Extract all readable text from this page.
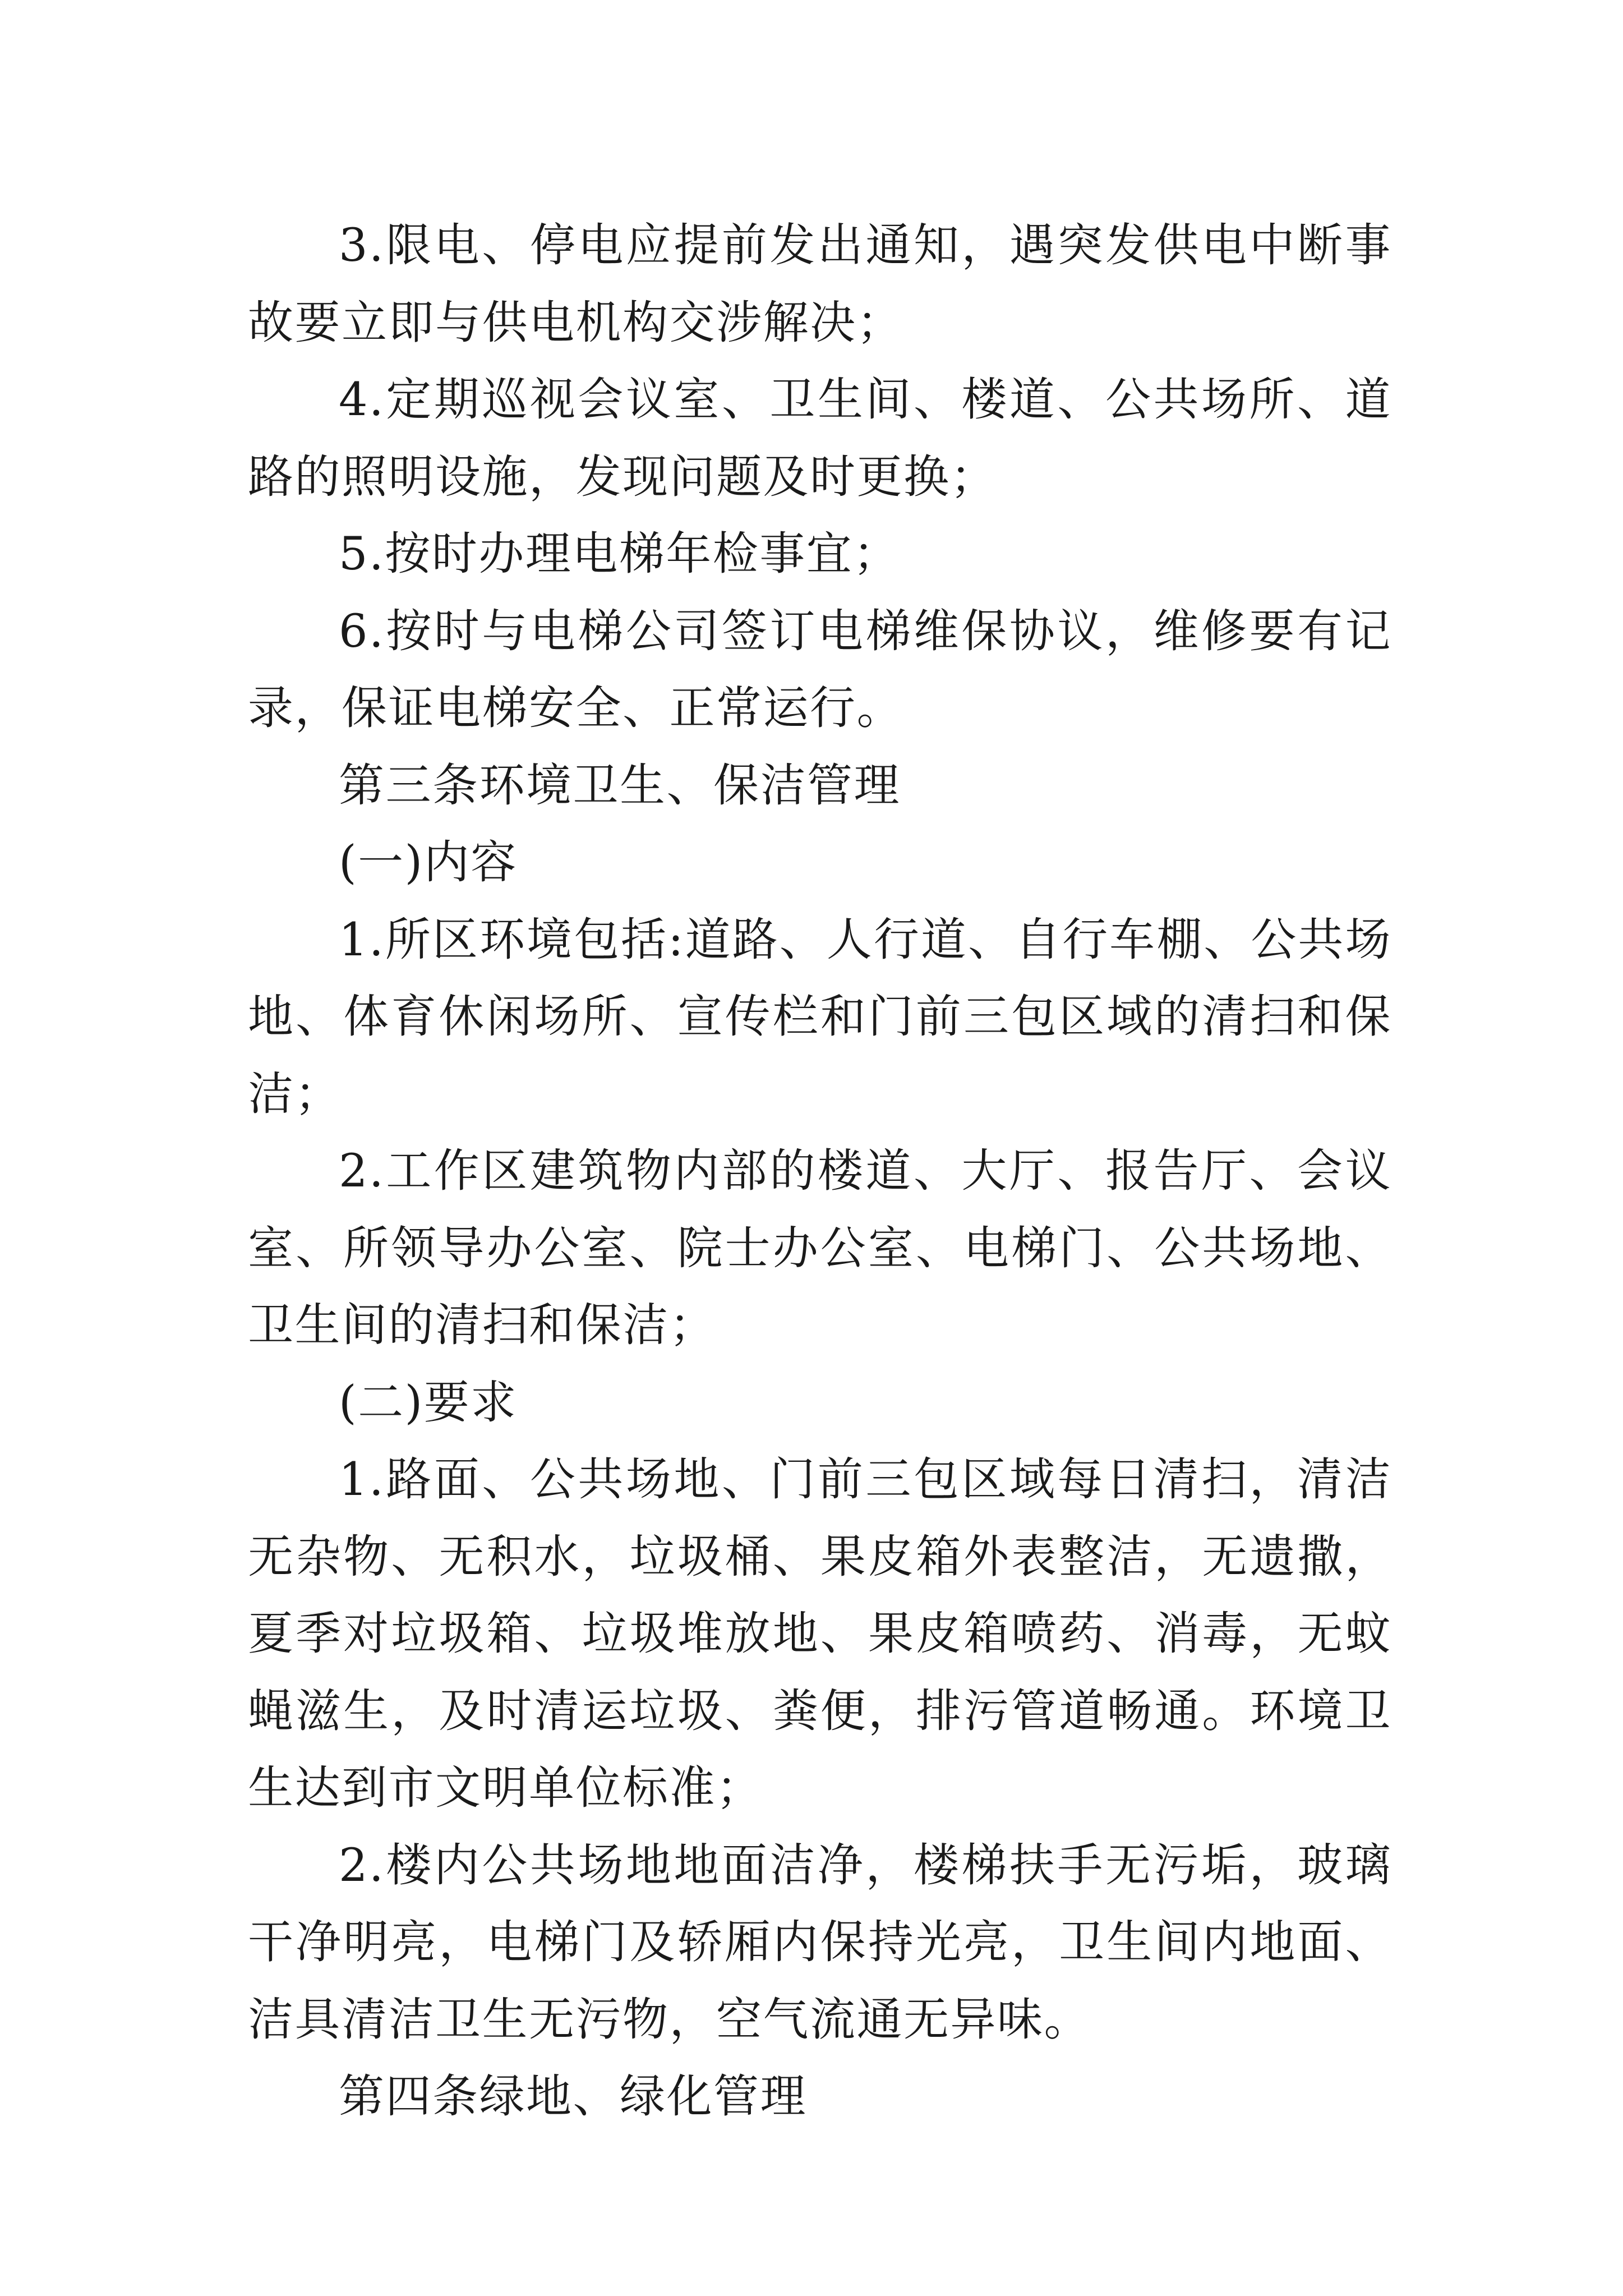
3.限电、停电应提前发出通知，遇突发供电中断事故要立即与供电机构交涉解决；

4.定期巡视会议室、卫生间、楼道、公共场所、道路的照明设施，发现问题及时更换；

5.按时办理电梯年检事宜；

6.按时与电梯公司签订电梯维保协议，维修要有记录，保证电梯安全、正常运行。

第三条环境卫生、保洁管理

(一)内容

1.所区环境包括:道路、人行道、自行车棚、公共场地、体育休闲场所、宣传栏和门前三包区域的清扫和保洁；

2.工作区建筑物内部的楼道、大厅、报告厅、会议室、所领导办公室、院士办公室、电梯门、公共场地、卫生间的清扫和保洁；

(二)要求

1.路面、公共场地、门前三包区域每日清扫，清洁无杂物、无积水，垃圾桶、果皮箱外表整洁，无遗撒，夏季对垃圾箱、垃圾堆放地、果皮箱喷药、消毒，无蚊蝇滋生，及时清运垃圾、粪便，排污管道畅通。环境卫生达到市文明单位标准；

2.楼内公共场地地面洁净，楼梯扶手无污垢，玻璃干净明亮，电梯门及轿厢内保持光亮，卫生间内地面、洁具清洁卫生无污物，空气流通无异味。

第四条绿地、绿化管理
